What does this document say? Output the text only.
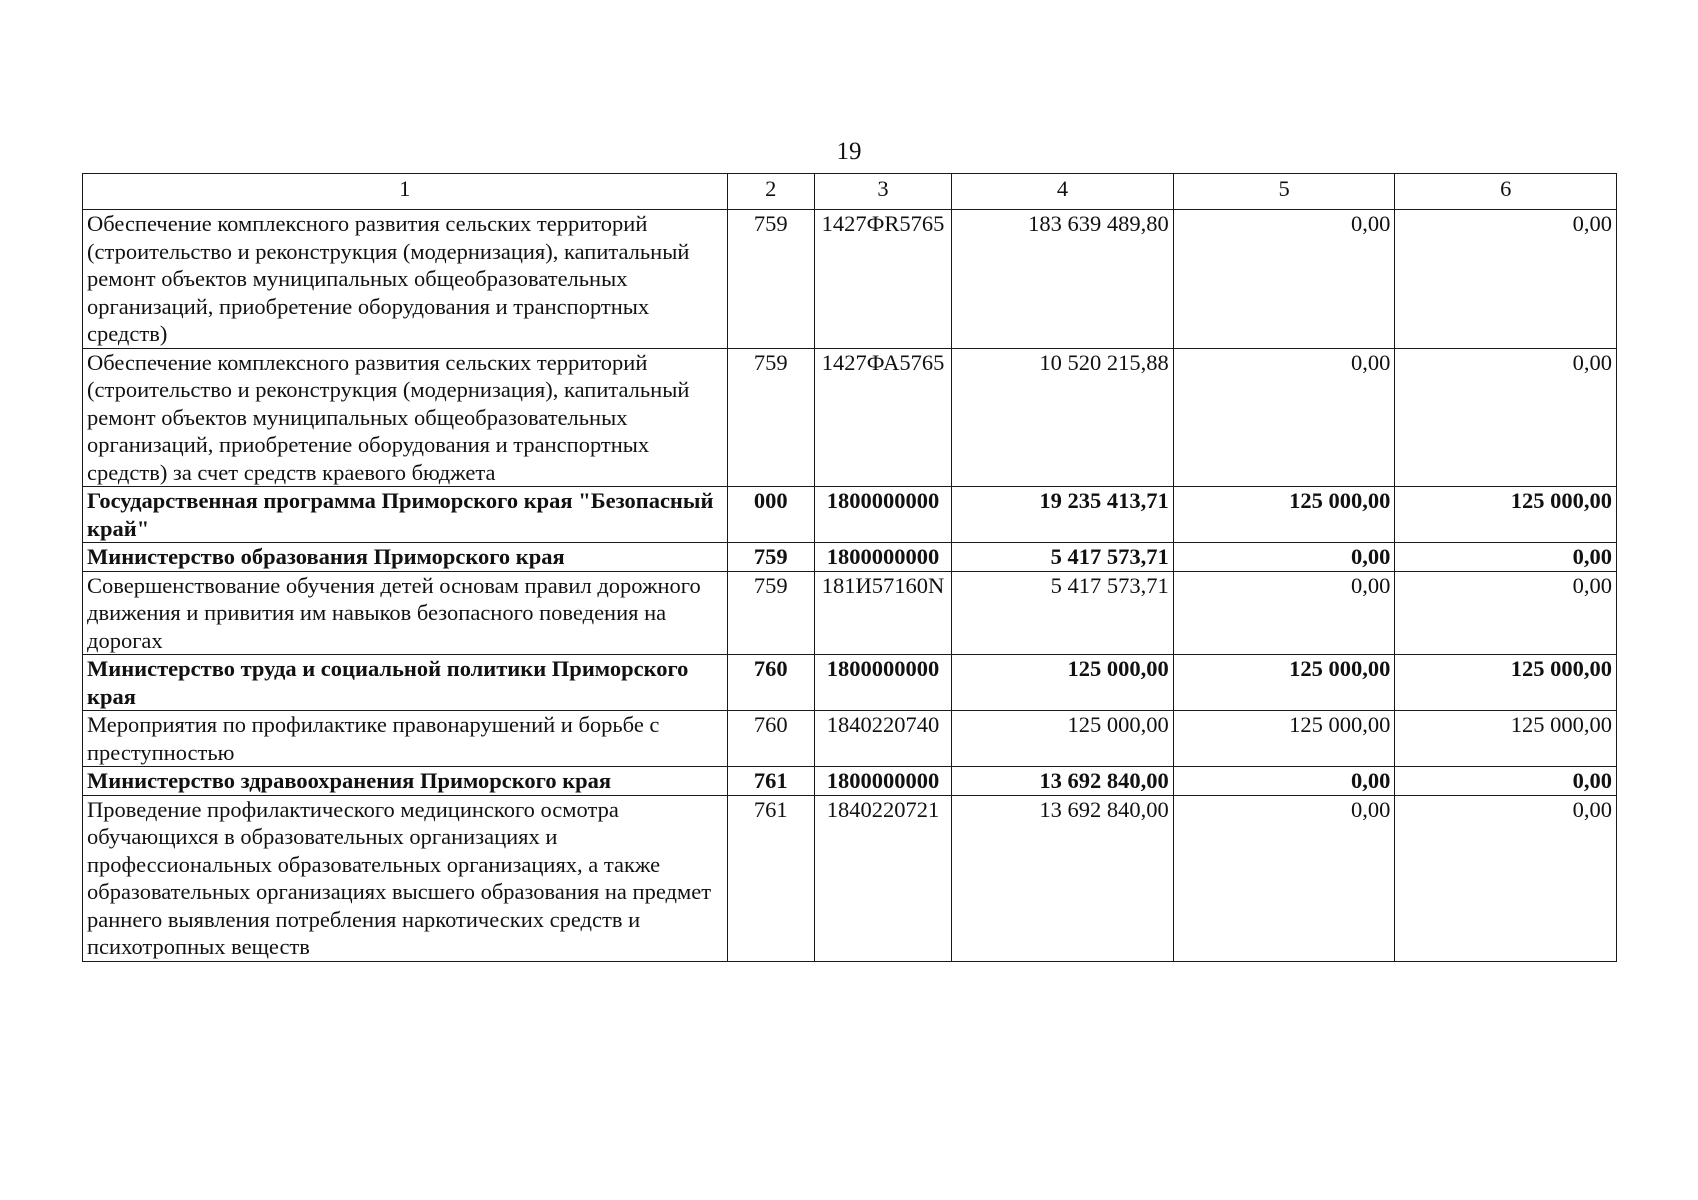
19
1	2	3	4	5	6
Обеспечение комплексного развития сельских территорий (строительство и реконструкция (модернизация), капитальный ремонт объектов муниципальных общеобразовательных организаций, приобретение оборудования и транспортных средств)	759	1427ФR5765	183 639 489,80	0,00	0,00
Обеспечение комплексного развития сельских территорий (строительство и реконструкция (модернизация), капитальный ремонт объектов муниципальных общеобразовательных организаций, приобретение оборудования и транспортных средств) за счет средств краевого бюджета	759	1427ФА5765	10 520 215,88	0,00	0,00
Государственная программа Приморского края "Безопасный край"	000	1800000000	19 235 413,71	125 000,00	125 000,00
Министерство образования Приморского края	759	1800000000	5 417 573,71	0,00	0,00
Совершенствование обучения детей основам правил дорожного движения и привития им навыков безопасного поведения на дорогах	759	181И57160N	5 417 573,71	0,00	0,00
Министерство труда и социальной политики Приморского края	760	1800000000	125 000,00	125 000,00	125 000,00
Мероприятия по профилактике правонарушений и борьбе с преступностью	760	1840220740	125 000,00	125 000,00	125 000,00
Министерство здравоохранения Приморского края	761	1800000000	13 692 840,00	0,00	0,00
Проведение профилактического медицинского осмотра обучающихся в образовательных организациях и профессиональных образовательных организациях, а также образовательных организациях высшего образования на предмет раннего выявления потребления наркотических средств и психотропных веществ	761	1840220721	13 692 840,00	0,00	0,00
